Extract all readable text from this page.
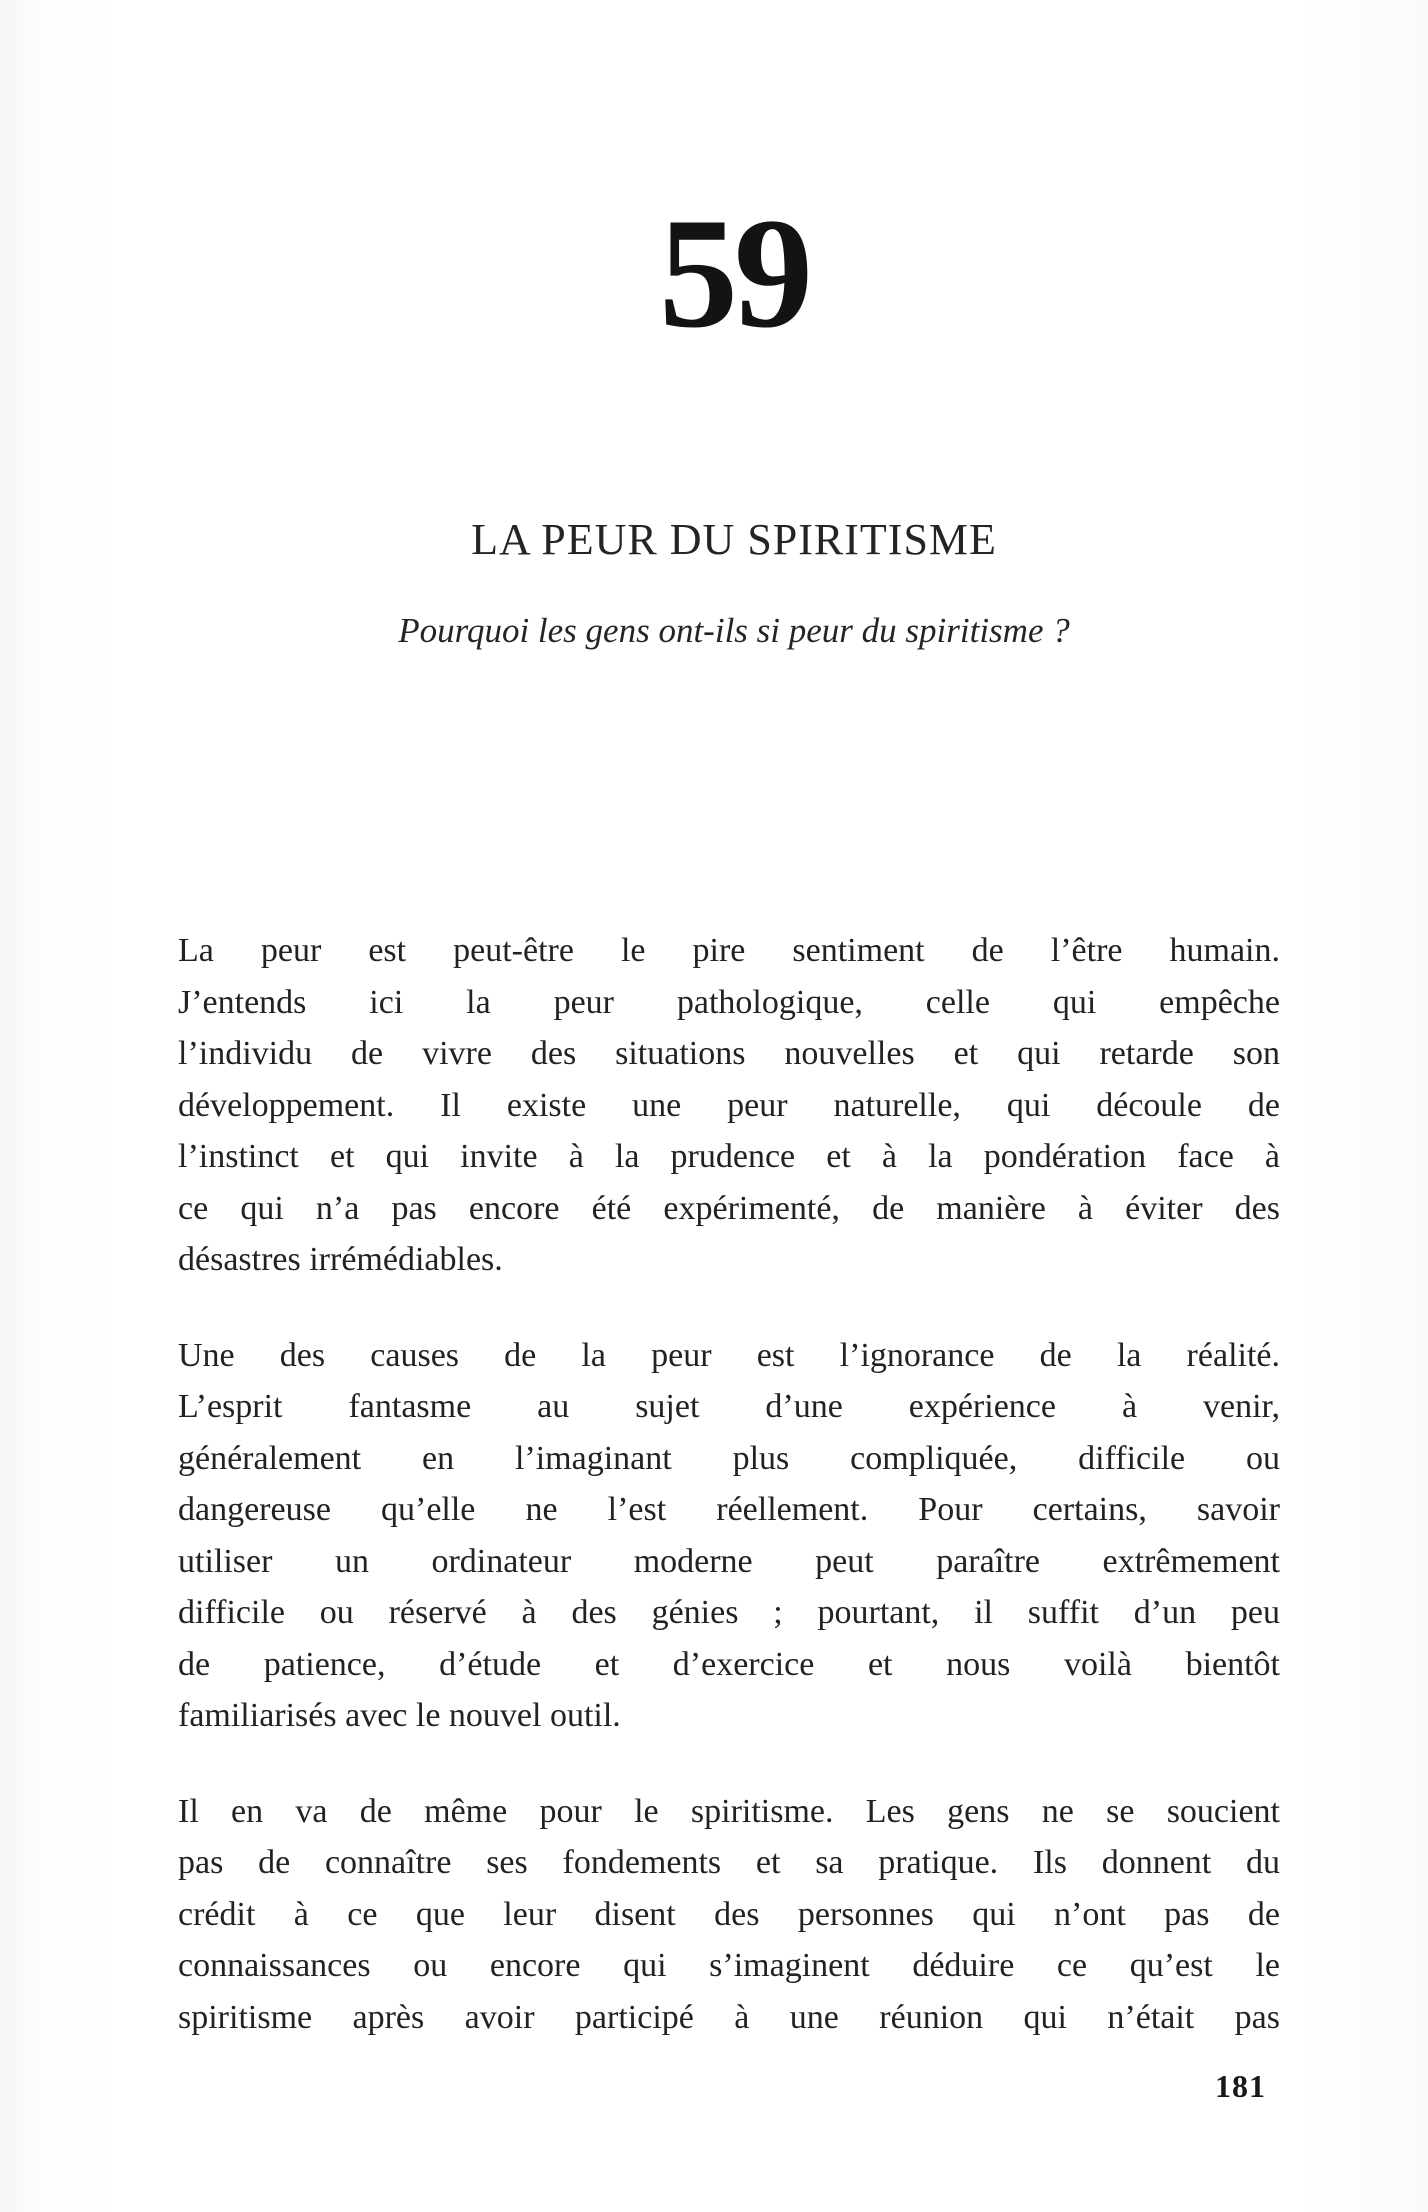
59
LA PEUR DU SPIRITISME
Pourquoi les gens ont-ils si peur du spiritisme ?

La peur est peut-être le pire sentiment de l’être humain.
J’entends ici la peur pathologique, celle qui empêche
l’individu de vivre des situations nouvelles et qui retarde son
développement. Il existe une peur naturelle, qui découle de
l’instinct et qui invite à la prudence et à la pondération face à
ce qui n’a pas encore été expérimenté, de manière à éviter des
désastres irrémédiables.

Une des causes de la peur est l’ignorance de la réalité.
L’esprit fantasme au sujet d’une expérience à venir,
généralement en l’imaginant plus compliquée, difficile ou
dangereuse qu’elle ne l’est réellement. Pour certains, savoir
utiliser un ordinateur moderne peut paraître extrêmement
difficile ou réservé à des génies ; pourtant, il suffit d’un peu
de patience, d’étude et d’exercice et nous voilà bientôt
familiarisés avec le nouvel outil.

Il en va de même pour le spiritisme. Les gens ne se soucient
pas de connaître ses fondements et sa pratique. Ils donnent du
crédit à ce que leur disent des personnes qui n’ont pas de
connaissances ou encore qui s’imaginent déduire ce qu’est le
spiritisme après avoir participé à une réunion qui n’était pas

181
